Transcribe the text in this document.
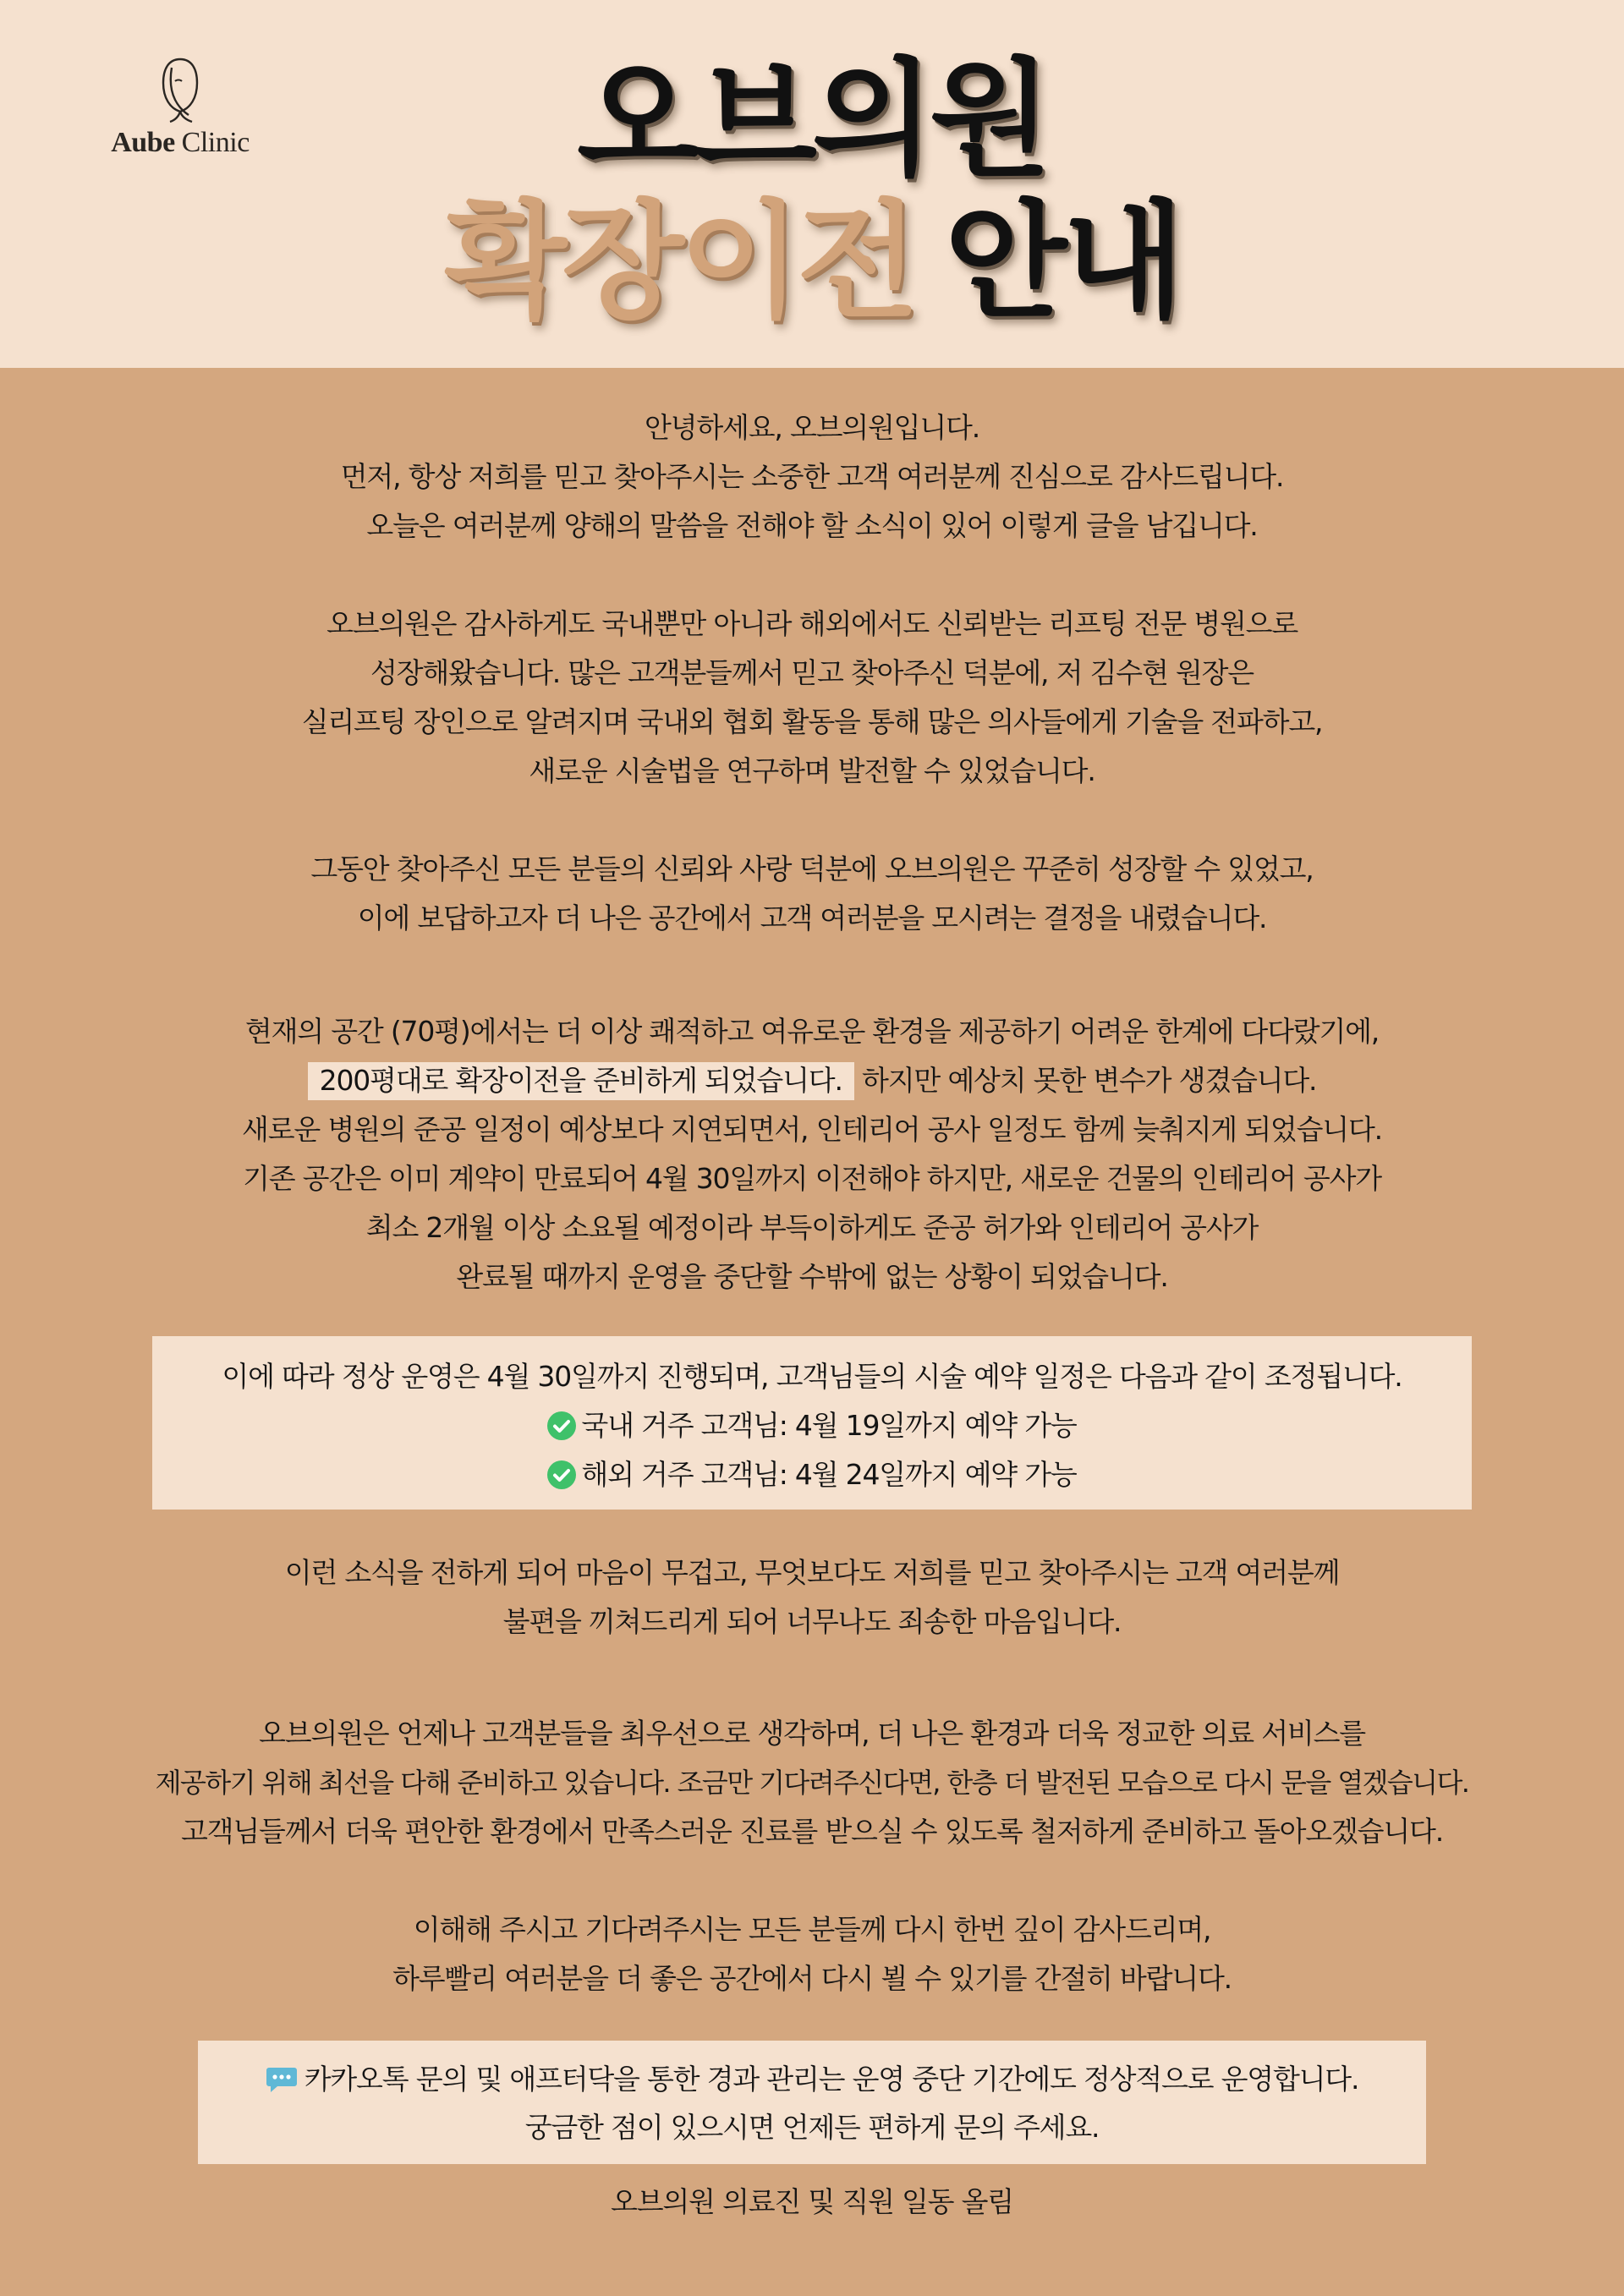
Aube Clinic	오브의원
확장이전 안내
안녕하세요, 오브의원입니다.
먼저, 항상 저희를 믿고 찾아주시는 소중한 고객 여러분께 진심으로 감사드립니다.
오늘은 여러분께 양해의 말씀을 전해야 할 소식이 있어 이렇게 글을 남깁니다.
오브의원은 감사하게도 국내뿐만 아니라 해외에서도 신뢰받는 리프팅 전문 병원으로
성장해왔습니다. 많은 고객분들께서 믿고 찾아주신 덕분에, 저 김수현 원장은
실리프팅 장인으로 알려지며 국내외 협회 활동을 통해 많은 의사들에게 기술을 전파하고,
새로운 시술법을 연구하며 발전할 수 있었습니다.
그동안 찾아주신 모든 분들의 신뢰와 사랑 덕분에 오브의원은 꾸준히 성장할 수 있었고,
이에 보답하고자 더 나은 공간에서 고객 여러분을 모시려는 결정을 내렸습니다.
현재의 공간 (70평)에서는 더 이상 쾌적하고 여유로운 환경을 제공하기 어려운 한계에 다다랐기에,
200평대로 확장이전을 준비하게 되었습니다. 하지만 예상치 못한 변수가 생겼습니다.
새로운 병원의 준공 일정이 예상보다 지연되면서, 인테리어 공사 일정도 함께 늦춰지게 되었습니다.
기존 공간은 이미 계약이 만료되어 4월 30일까지 이전해야 하지만, 새로운 건물의 인테리어 공사가
최소 2개월 이상 소요될 예정이라 부득이하게도 준공 허가와 인테리어 공사가
완료될 때까지 운영을 중단할 수밖에 없는 상황이 되었습니다.
이에 따라 정상 운영은 4월 30일까지 진행되며, 고객님들의 시술 예약 일정은 다음과 같이 조정됩니다.
국내 거주 고객님: 4월 19일까지 예약 가능
해외 거주 고객님: 4월 24일까지 예약 가능
이런 소식을 전하게 되어 마음이 무겁고, 무엇보다도 저희를 믿고 찾아주시는 고객 여러분께
불편을 끼쳐드리게 되어 너무나도 죄송한 마음입니다.
오브의원은 언제나 고객분들을 최우선으로 생각하며, 더 나은 환경과 더욱 정교한 의료 서비스를
제공하기 위해 최선을 다해 준비하고 있습니다. 조금만 기다려주신다면, 한층 더 발전된 모습으로 다시 문을 열겠습니다.
고객님들께서 더욱 편안한 환경에서 만족스러운 진료를 받으실 수 있도록 철저하게 준비하고 돌아오겠습니다.
이해해 주시고 기다려주시는 모든 분들께 다시 한번 깊이 감사드리며,
하루빨리 여러분을 더 좋은 공간에서 다시 뵐 수 있기를 간절히 바랍니다.
카카오톡 문의 및 애프터닥을 통한 경과 관리는 운영 중단 기간에도 정상적으로 운영합니다.
궁금한 점이 있으시면 언제든 편하게 문의 주세요.
오브의원 의료진 및 직원 일동 올림
